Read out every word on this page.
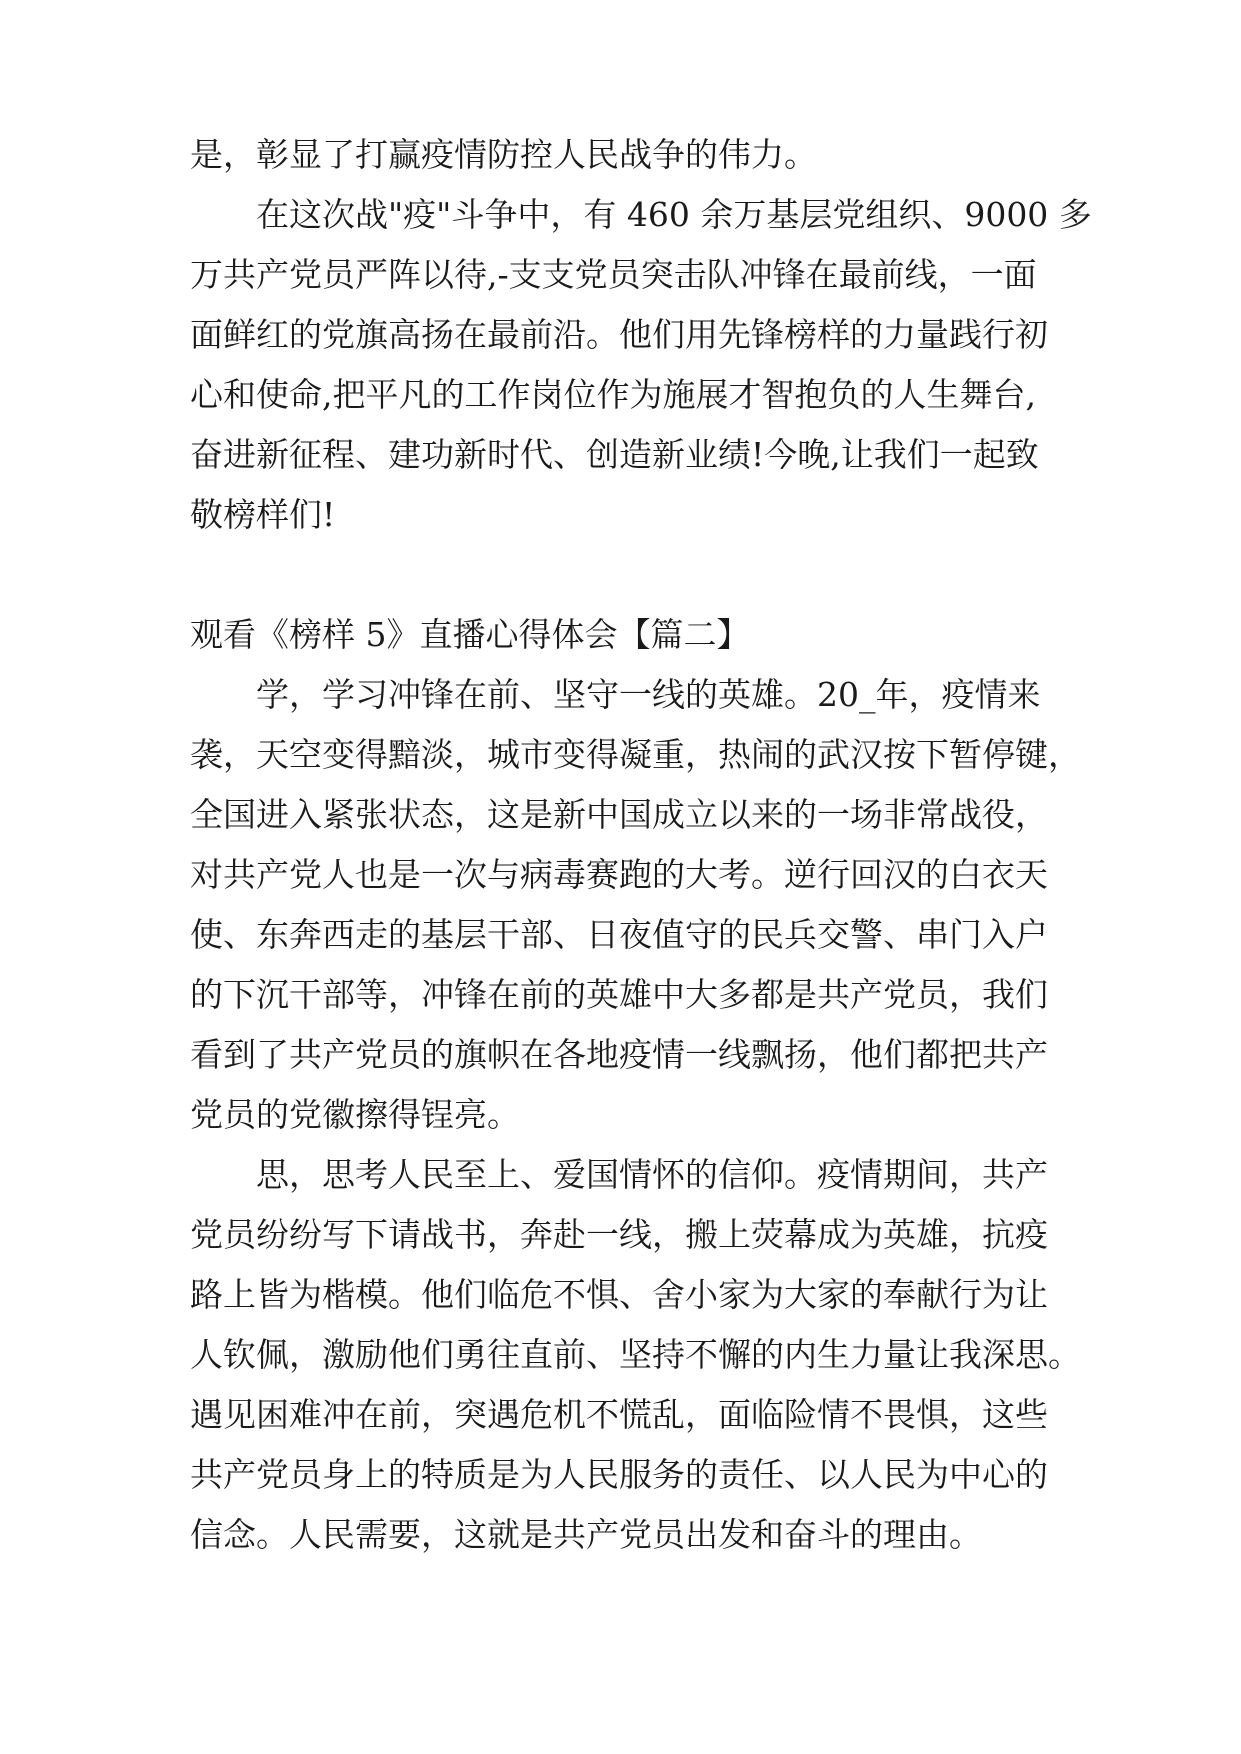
是，彰显了打赢疫情防控人民战争的伟力。

在这次战"疫"斗争中，有 460 余万基层党组织、9000 多

万共产党员严阵以待,-支支党员突击队冲锋在最前线，一面

面鲜红的党旗高扬在最前沿。他们用先锋榜样的力量践行初

心和使命,把平凡的工作岗位作为施展才智抱负的人生舞台,

奋进新征程、建功新时代、创造新业绩!今晚,让我们一起致

敬榜样们!

观看《榜样 5》直播心得体会【篇二】

学，学习冲锋在前、坚守一线的英雄。20_年，疫情来

袭，天空变得黯淡，城市变得凝重，热闹的武汉按下暂停键，

全国进入紧张状态，这是新中国成立以来的一场非常战役，

对共产党人也是一次与病毒赛跑的大考。逆行回汉的白衣天

使、东奔西走的基层干部、日夜值守的民兵交警、串门入户

的下沉干部等，冲锋在前的英雄中大多都是共产党员，我们

看到了共产党员的旗帜在各地疫情一线飘扬，他们都把共产

党员的党徽擦得锃亮。

思，思考人民至上、爱国情怀的信仰。疫情期间，共产

党员纷纷写下请战书，奔赴一线，搬上荧幕成为英雄，抗疫

路上皆为楷模。他们临危不惧、舍小家为大家的奉献行为让

人钦佩，激励他们勇往直前、坚持不懈的内生力量让我深思。

遇见困难冲在前，突遇危机不慌乱，面临险情不畏惧，这些

共产党员身上的特质是为人民服务的责任、以人民为中心的

信念。人民需要，这就是共产党员出发和奋斗的理由。
